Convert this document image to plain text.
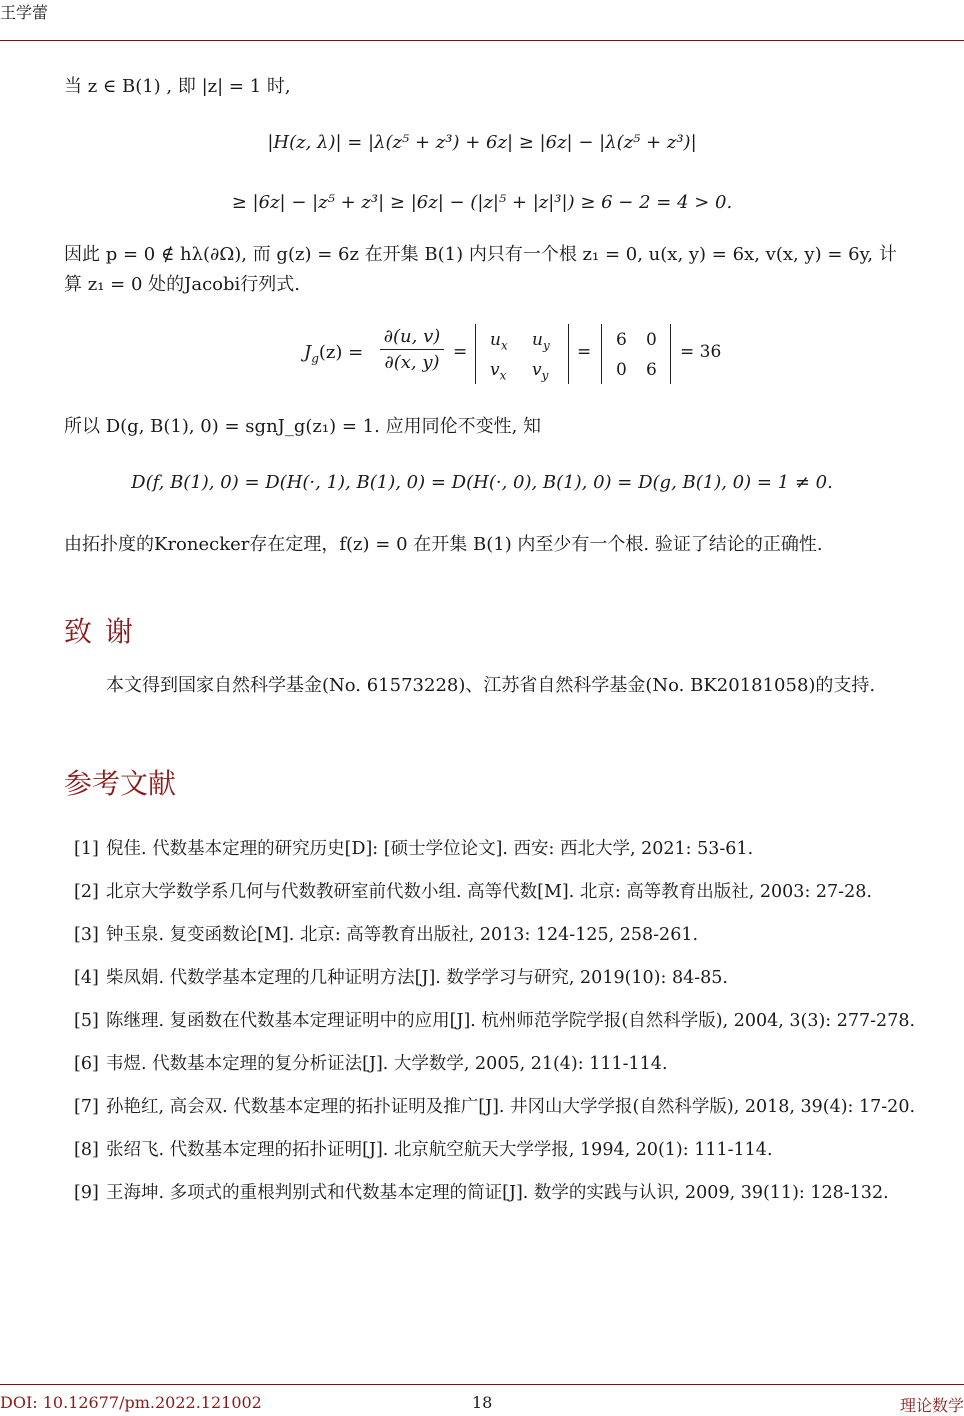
王学蕾
当 z ∈ B(1) , 即 |z| = 1 时,
|H(z, λ)| = |λ(z⁵ + z³) + 6z| ≥ |6z| − |λ(z⁵ + z³)|
≥ |6z| − |z⁵ + z³| ≥ |6z| − (|z|⁵ + |z|³|) ≥ 6 − 2 = 4 > 0.
因此 p = 0 ∉ hλ(∂Ω), 而 g(z) = 6z 在开集 B(1) 内只有一个根 z₁ = 0, u(x, y) = 6x, v(x, y) = 6y, 计
算 z₁ = 0 处的Jacobi行列式.
$J_g(z)$ =
∂(u, v)
∂(x, y) =
$u_x$ $u_y$
$v_x$ $v_y$
=
6 0
0 6
= 36
所以 D(g, B(1), 0) = sgnJ_g(z₁) = 1. 应用同伦不变性, 知
D(f, B(1), 0) = D(H(·, 1), B(1), 0) = D(H(·, 0), B(1), 0) = D(g, B(1), 0) = 1 ≠ 0.
由拓扑度的Kronecker存在定理，f(z) = 0 在开集 B(1) 内至少有一个根. 验证了结论的正确性.
致 谢
本文得到国家自然科学基金(No. 61573228)、江苏省自然科学基金(No. BK20181058)的支持.
参考文献
[1] 倪佳. 代数基本定理的研究历史[D]: [硕士学位论文]. 西安: 西北大学, 2021: 53-61.
[2] 北京大学数学系几何与代数教研室前代数小组. 高等代数[M]. 北京: 高等教育出版社, 2003: 27-28.
[3] 钟玉泉. 复变函数论[M]. 北京: 高等教育出版社, 2013: 124-125, 258-261.
[4] 柴凤娟. 代数学基本定理的几种证明方法[J]. 数学学习与研究, 2019(10): 84-85.
[5] 陈继理. 复函数在代数基本定理证明中的应用[J]. 杭州师范学院学报(自然科学版), 2004, 3(3): 277-278.
[6] 韦煜. 代数基本定理的复分析证法[J]. 大学数学, 2005, 21(4): 111-114.
[7] 孙艳红, 高会双. 代数基本定理的拓扑证明及推广[J]. 井冈山大学学报(自然科学版), 2018, 39(4): 17-20.
[8] 张绍飞. 代数基本定理的拓扑证明[J]. 北京航空航天大学学报, 1994, 20(1): 111-114.
[9] 王海坤. 多项式的重根判别式和代数基本定理的简证[J]. 数学的实践与认识, 2009, 39(11): 128-132.
DOI: 10.12677/pm.2022.121002	18	理论数学
